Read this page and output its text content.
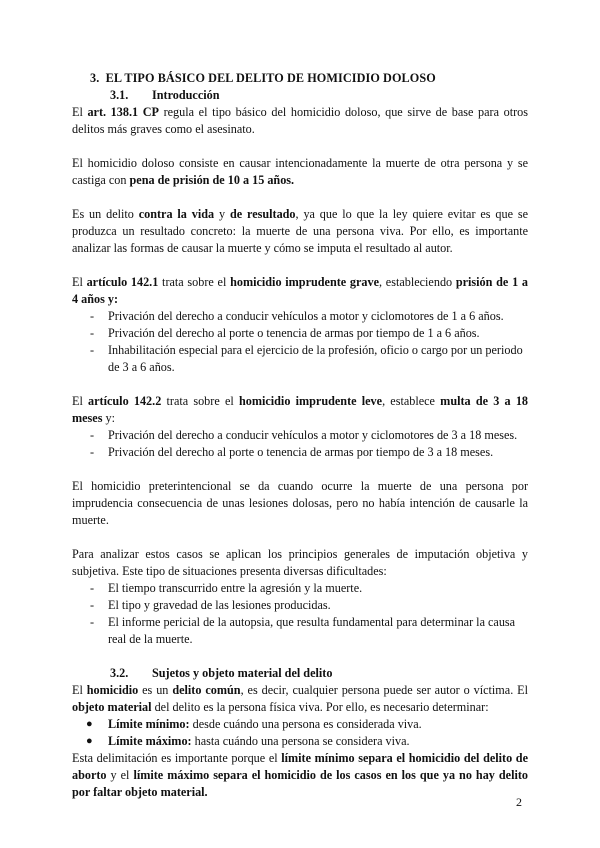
3. EL TIPO BÁSICO DEL DELITO DE HOMICIDIO DOLOSO
3.1. Introducción

El art. 138.1 CP regula el tipo básico del homicidio doloso, que sirve de base para otros delitos más graves como el asesinato.

El homicidio doloso consiste en causar intencionadamente la muerte de otra persona y se castiga con pena de prisión de 10 a 15 años.

Es un delito contra la vida y de resultado, ya que lo que la ley quiere evitar es que se produzca un resultado concreto: la muerte de una persona viva. Por ello, es importante analizar las formas de causar la muerte y cómo se imputa el resultado al autor.

El artículo 142.1 trata sobre el homicidio imprudente grave, estableciendo prisión de 1 a 4 años y:

- Privación del derecho a conducir vehículos a motor y ciclomotores de 1 a 6 años.
- Privación del derecho al porte o tenencia de armas por tiempo de 1 a 6 años.
- Inhabilitación especial para el ejercicio de la profesión, oficio o cargo por un periodo de 3 a 6 años.

El artículo 142.2 trata sobre el homicidio imprudente leve, establece multa de 3 a 18 meses y:

- Privación del derecho a conducir vehículos a motor y ciclomotores de 3 a 18 meses.
- Privación del derecho al porte o tenencia de armas por tiempo de 3 a 18 meses.

El homicidio preterintencional se da cuando ocurre la muerte de una persona por imprudencia consecuencia de unas lesiones dolosas, pero no había intención de causarle la muerte.

Para analizar estos casos se aplican los principios generales de imputación objetiva y subjetiva. Este tipo de situaciones presenta diversas dificultades:

- El tiempo transcurrido entre la agresión y la muerte.
- El tipo y gravedad de las lesiones producidas.
- El informe pericial de la autopsia, que resulta fundamental para determinar la causa real de la muerte.
3.2. Sujetos y objeto material del delito

El homicidio es un delito común, es decir, cualquier persona puede ser autor o víctima. El objeto material del delito es la persona física viva. Por ello, es necesario determinar:

● Límite mínimo: desde cuándo una persona es considerada viva.
● Límite máximo: hasta cuándo una persona se considera viva.

Esta delimitación es importante porque el límite mínimo separa el homicidio del delito de aborto y el límite máximo separa el homicidio de los casos en los que ya no hay delito por faltar objeto material.

2
